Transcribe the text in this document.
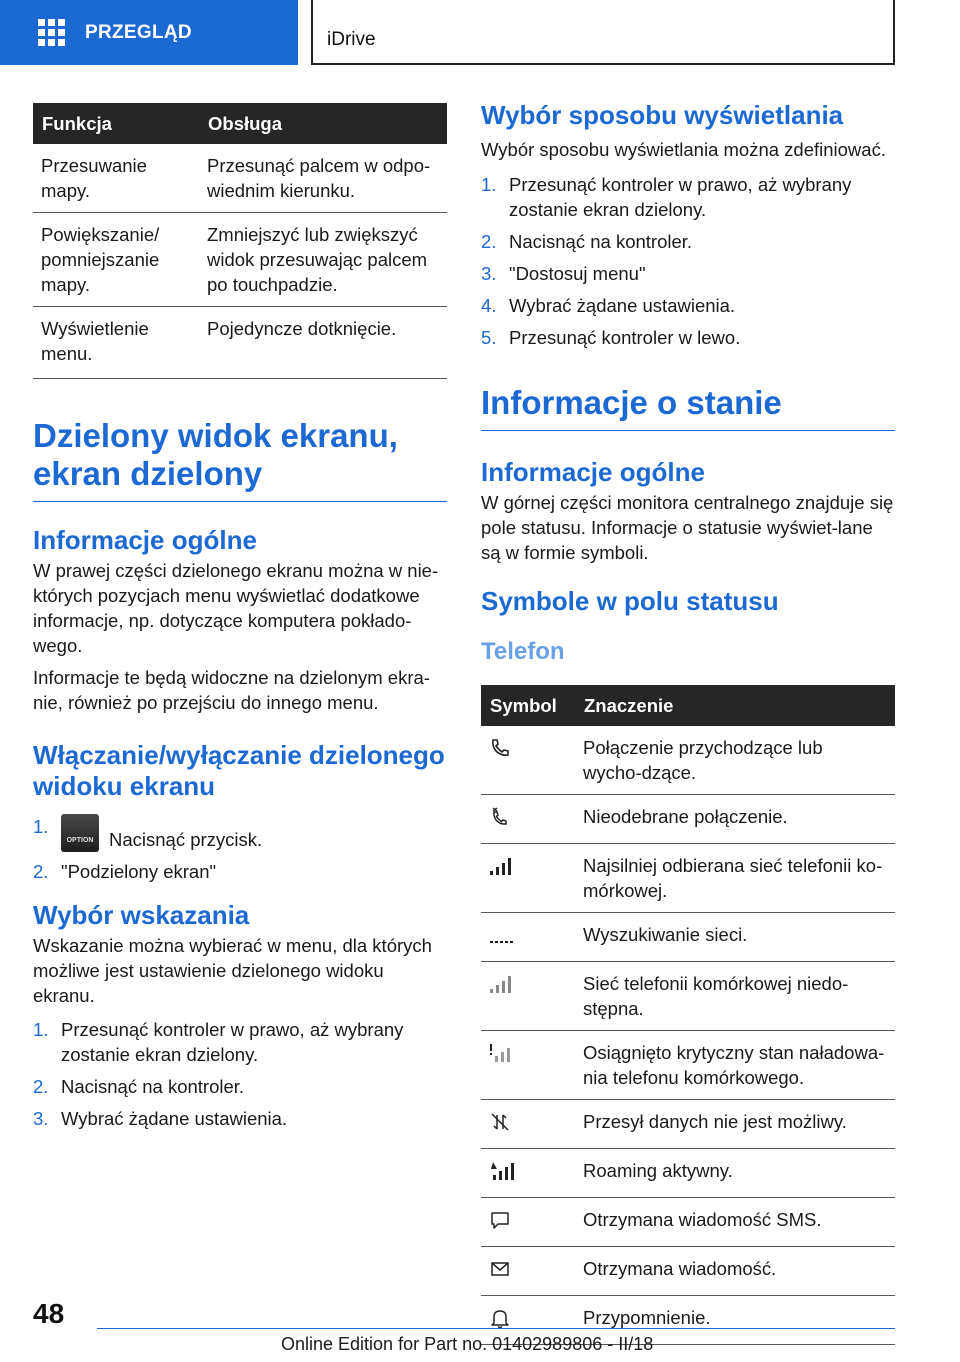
PRZEGLĄD	iDrive
Funkcja	Obsługa
Przesuwanie mapy.	Przesunąć palcem w odpo-wiednim kierunku.
Powiększanie/ pomniejszanie mapy.	Zmniejszyć lub zwiększyć widok przesuwając palcem po touchpadzie.
Wyświetlenie menu.	Pojedyncze dotknięcie.
Dzielony widok ekranu, ekran dzielony
Informacje ogólne

W prawej części dzielonego ekranu można w nie-których pozycjach menu wyświetlać dodatkowe informacje, np. dotyczące komputera pokłado-wego.

Informacje te będą widoczne na dzielonym ekra-nie, również po przejściu do innego menu.

Włączanie/wyłączanie dzielonego widoku ekranu
1.
OPTION Nacisnąć przycisk.
2. "Podzielony ekran"
Wybór wskazania

Wskazanie można wybierać w menu, dla których możliwe jest ustawienie dzielonego widoku ekranu.

1. Przesunąć kontroler w prawo, aż wybrany zostanie ekran dzielony.
2. Nacisnąć na kontroler.
3. Wybrać żądane ustawienia.
Wybór sposobu wyświetlania

Wybór sposobu wyświetlania można zdefiniować.

1. Przesunąć kontroler w prawo, aż wybrany zostanie ekran dzielony.
2. Nacisnąć na kontroler.
3. "Dostosuj menu"
4. Wybrać żądane ustawienia.
5. Przesunąć kontroler w lewo.
Informacje o stanie
Informacje ogólne

W górnej części monitora centralnego znajduje się pole statusu. Informacje o statusie wyświet-lane są w formie symboli.

Symbole w polu statusu
Telefon
Symbol	Znaczenie
	Połączenie przychodzące lub wycho-dzące.
	Nieodebrane połączenie.
	Najsilniej odbierana sieć telefonii ko-mórkowej.
	Wyszukiwanie sieci.
	Sieć telefonii komórkowej niedo-stępna.
	Osiągnięto krytyczny stan naładowa-nia telefonu komórkowego.
	Przesył danych nie jest możliwy.
	Roaming aktywny.
	Otrzymana wiadomość SMS.
	Otrzymana wiadomość.
	Przypomnienie.
48
Online Edition for Part no. 01402989806 - II/18
